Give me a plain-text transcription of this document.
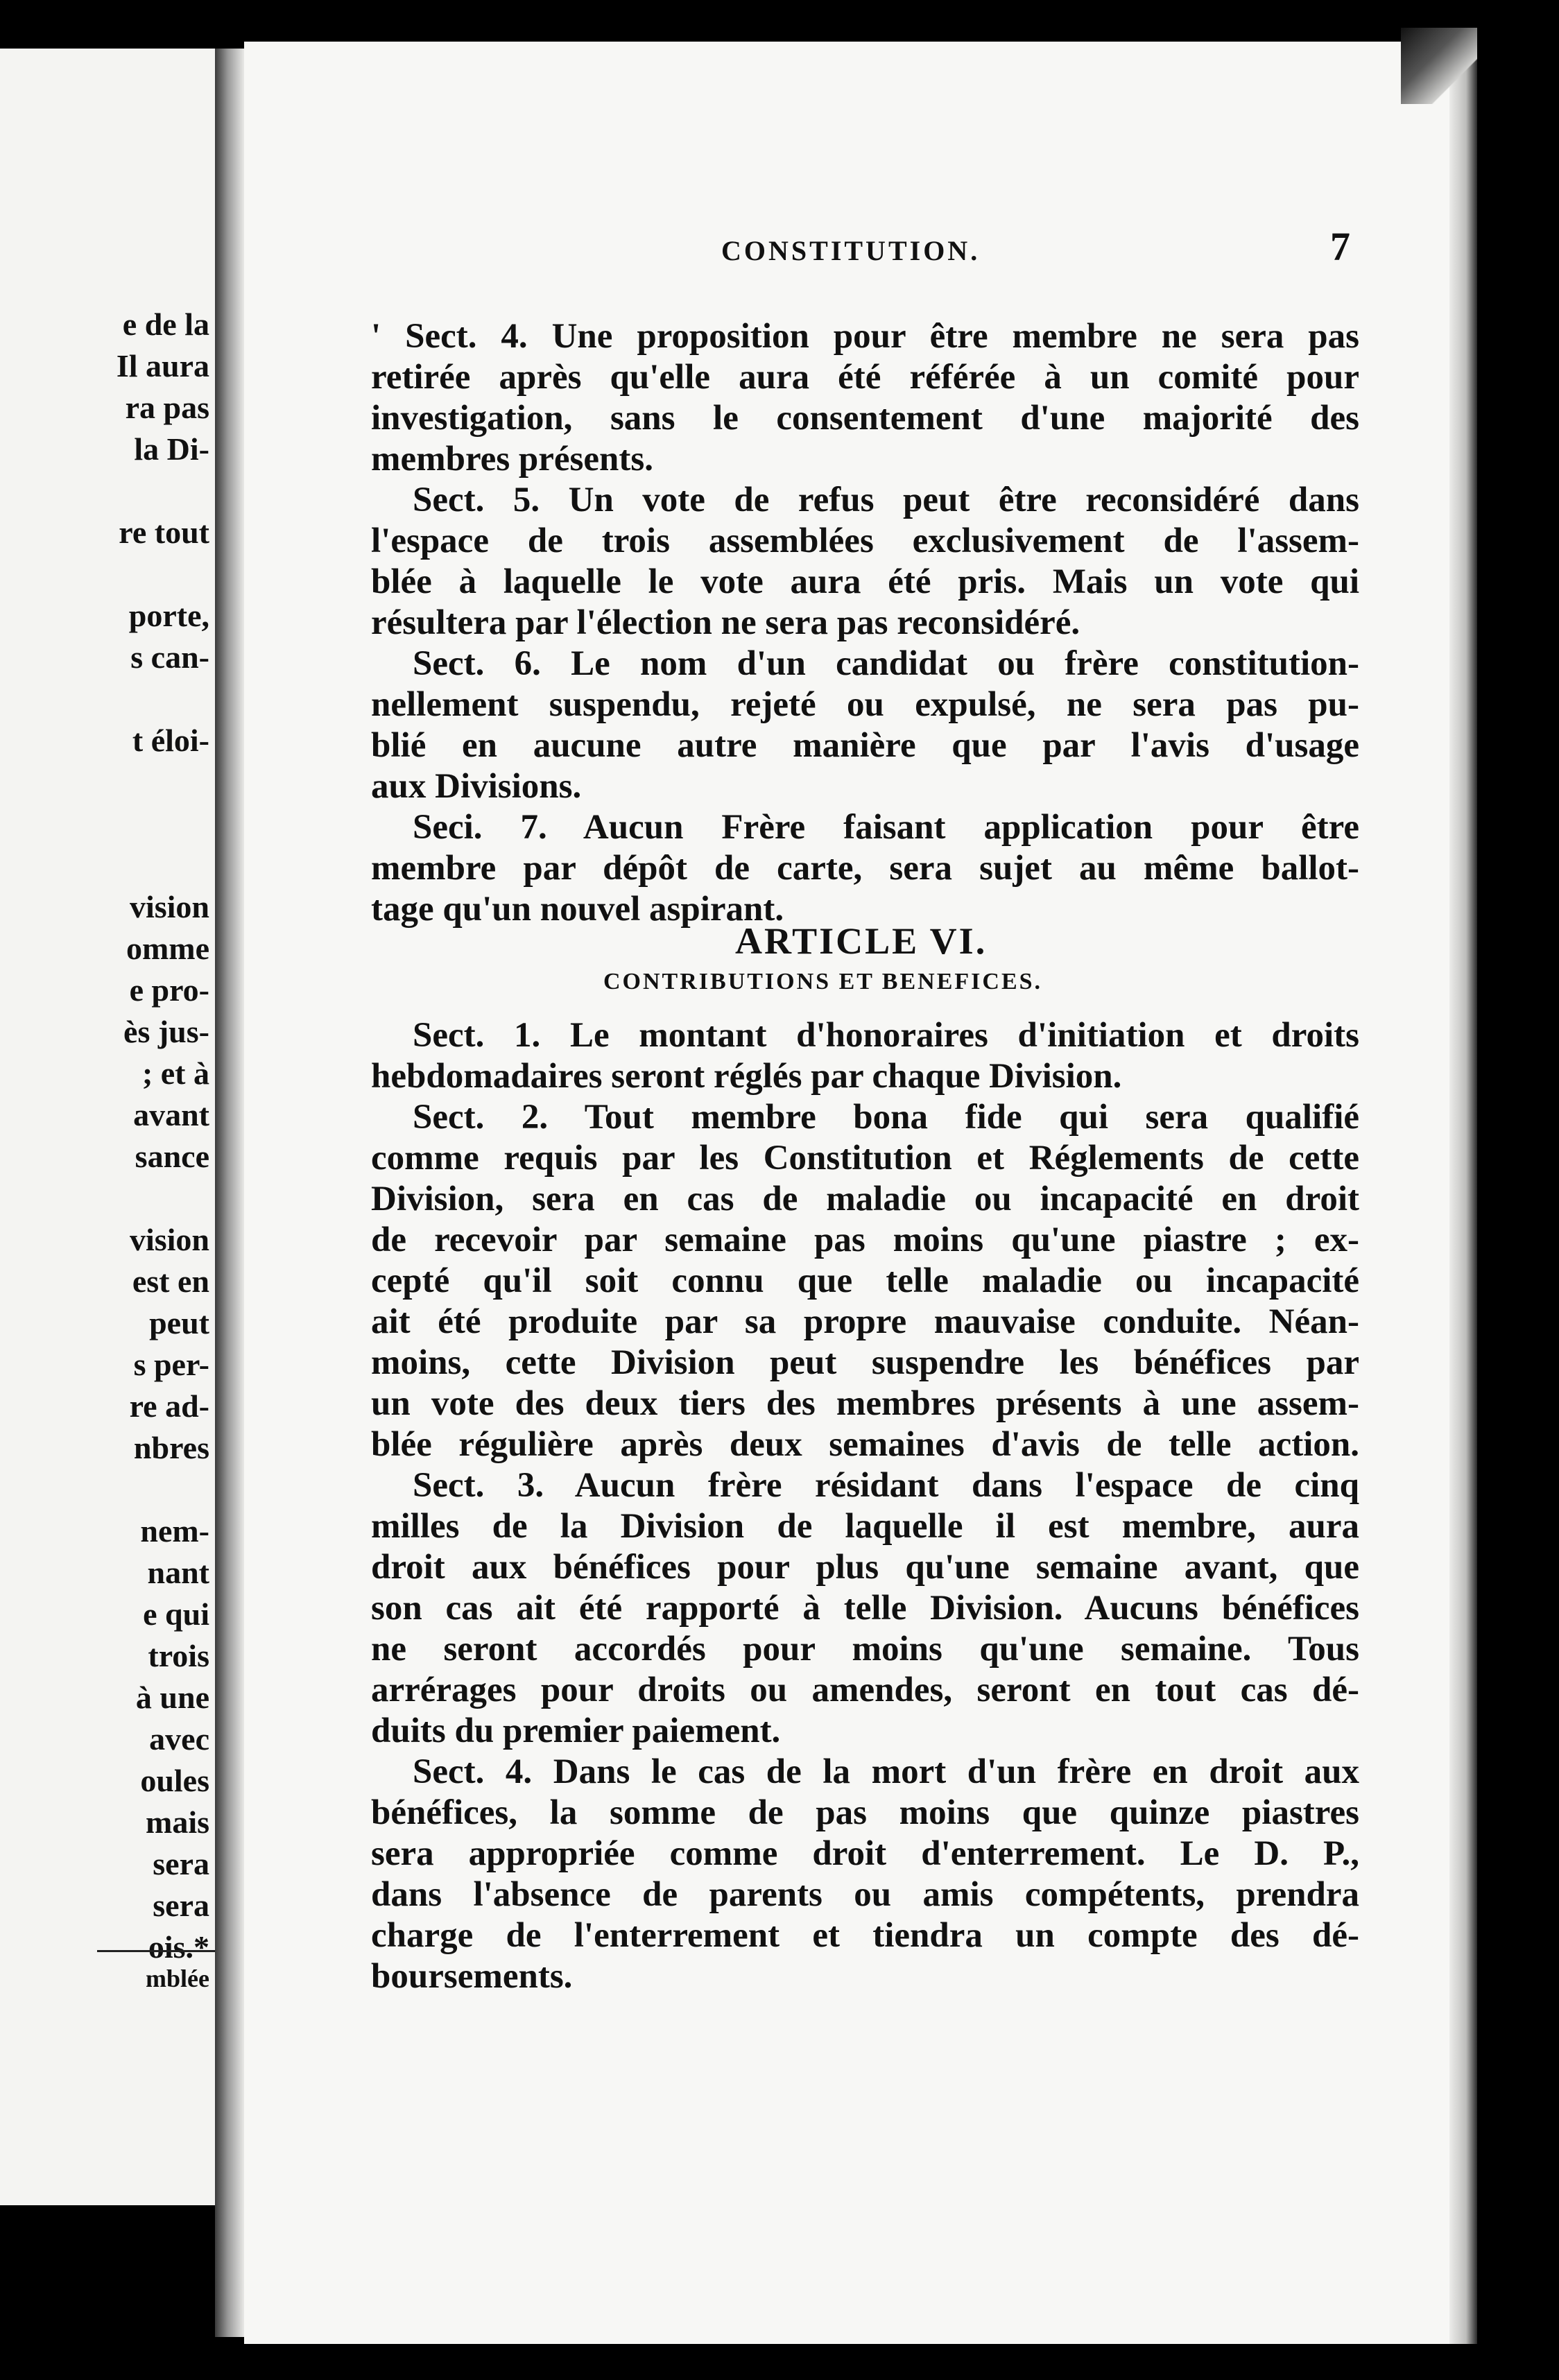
e de la
Il aura
ra pas
la Di-
re tout
porte,
s can-
t éloi-
vision
omme
e pro-
ès jus-
; et à
avant
sance
vision
est en
peut
s per-
re ad-
nbres
nem-
nant
e qui
trois
à une
avec
oules
mais
sera
sera
ois.*
mblée
CONSTITUTION.	7
' Sect. 4. Une proposition pour être membre ne sera pas
retirée après qu'elle aura été référée à un comité pour
investigation, sans le consentement d'une majorité des
membres présents.
Sect. 5. Un vote de refus peut être reconsidéré dans
l'espace de trois assemblées exclusivement de l'assem-
blée à laquelle le vote aura été pris. Mais un vote qui
résultera par l'élection ne sera pas reconsidéré.
Sect. 6. Le nom d'un candidat ou frère constitution-
nellement suspendu, rejeté ou expulsé, ne sera pas pu-
blié en aucune autre manière que par l'avis d'usage
aux Divisions.
Seci. 7. Aucun Frère faisant application pour être
membre par dépôt de carte, sera sujet au même ballot-
tage qu'un nouvel aspirant.
Sect. 1. Le montant d'honoraires d'initiation et droits
hebdomadaires seront réglés par chaque Division.
Sect. 2. Tout membre bona fide qui sera qualifié
comme requis par les Constitution et Réglements de cette
Division, sera en cas de maladie ou incapacité en droit
de recevoir par semaine pas moins qu'une piastre ; ex-
cepté qu'il soit connu que telle maladie ou incapacité
ait été produite par sa propre mauvaise conduite. Néan-
moins, cette Division peut suspendre les bénéfices par
un vote des deux tiers des membres présents à une assem-
blée régulière après deux semaines d'avis de telle action.
Sect. 3. Aucun frère résidant dans l'espace de cinq
milles de la Division de laquelle il est membre, aura
droit aux bénéfices pour plus qu'une semaine avant, que
son cas ait été rapporté à telle Division. Aucuns bénéfices
ne seront accordés pour moins qu'une semaine. Tous
arrérages pour droits ou amendes, seront en tout cas dé-
duits du premier paiement.
Sect. 4. Dans le cas de la mort d'un frère en droit aux
bénéfices, la somme de pas moins que quinze piastres
sera appropriée comme droit d'enterrement. Le D. P.,
dans l'absence de parents ou amis compétents, prendra
charge de l'enterrement et tiendra un compte des dé-
boursements.
ARTICLE VI.
CONTRIBUTIONS ET BENEFICES.
